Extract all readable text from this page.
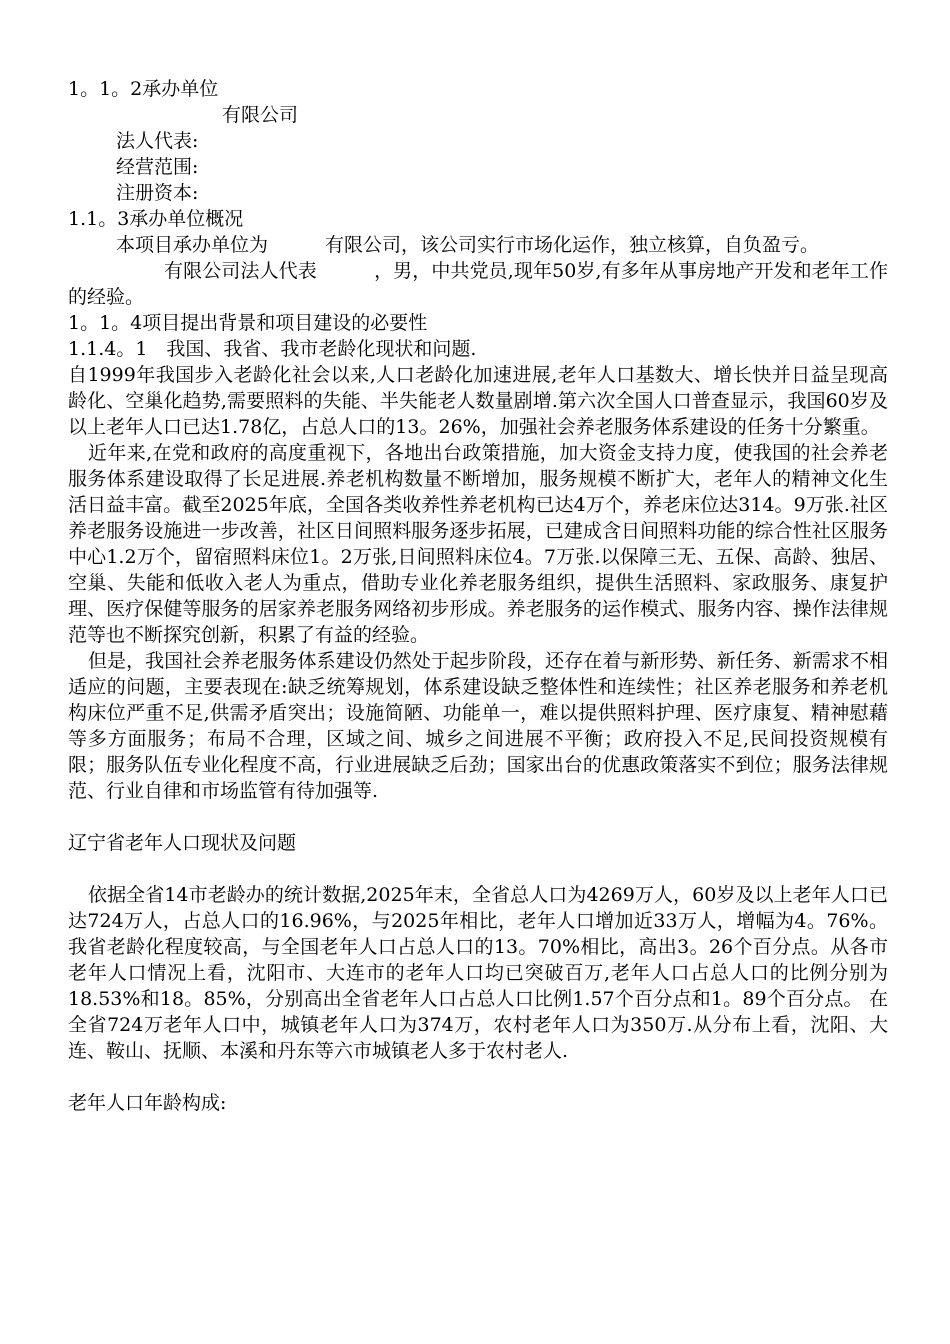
1。1。2承办单位
有限公司
法人代表:
经营范围:
注册资本:
1.1。3承办单位概况
本项目承办单位为　　　有限公司，该公司实行市场化运作，独立核算，自负盈亏。
有限公司法人代表　　　，男，中共党员,现年50岁,有多年从事房地产开发和老年工作的经验。
1。1。4项目提出背景和项目建设的必要性
1.1.4。1　我国、我省、我市老龄化现状和问题.
自1999年我国步入老龄化社会以来,人口老龄化加速进展,老年人口基数大、增长快并日益呈现高龄化、空巢化趋势,需要照料的失能、半失能老人数量剧增.第六次全国人口普查显示，我国60岁及以上老年人口已达1.78亿，占总人口的13。26%，加强社会养老服务体系建设的任务十分繁重。
近年来,在党和政府的高度重视下，各地出台政策措施，加大资金支持力度，使我国的社会养老服务体系建设取得了长足进展.养老机构数量不断增加，服务规模不断扩大，老年人的精神文化生活日益丰富。截至2025年底，全国各类收养性养老机构已达4万个，养老床位达314。9万张.社区养老服务设施进一步改善，社区日间照料服务逐步拓展，已建成含日间照料功能的综合性社区服务中心1.2万个，留宿照料床位1。2万张,日间照料床位4。7万张.以保障三无、五保、高龄、独居、空巢、失能和低收入老人为重点，借助专业化养老服务组织，提供生活照料、家政服务、康复护理、医疗保健等服务的居家养老服务网络初步形成。养老服务的运作模式、服务内容、操作法律规范等也不断探究创新，积累了有益的经验。
但是，我国社会养老服务体系建设仍然处于起步阶段，还存在着与新形势、新任务、新需求不相适应的问题，主要表现在:缺乏统筹规划，体系建设缺乏整体性和连续性；社区养老服务和养老机构床位严重不足,供需矛盾突出；设施简陋、功能单一，难以提供照料护理、医疗康复、精神慰藉等多方面服务；布局不合理，区域之间、城乡之间进展不平衡；政府投入不足,民间投资规模有限；服务队伍专业化程度不高，行业进展缺乏后劲；国家出台的优惠政策落实不到位；服务法律规范、行业自律和市场监管有待加强等.
辽宁省老年人口现状及问题
依据全省14市老龄办的统计数据,2025年末，全省总人口为4269万人，60岁及以上老年人口已达724万人，占总人口的16.96%，与2025年相比，老年人口增加近33万人，增幅为4。76%。我省老龄化程度较高，与全国老年人口占总人口的13。70%相比，高出3。26个百分点。从各市老年人口情况上看，沈阳市、大连市的老年人口均已突破百万,老年人口占总人口的比例分别为18.53%和18。85%，分别高出全省老年人口占总人口比例1.57个百分点和1。89个百分点。 在全省724万老年人口中，城镇老年人口为374万，农村老年人口为350万.从分布上看，沈阳、大连、鞍山、抚顺、本溪和丹东等六市城镇老人多于农村老人.
老年人口年龄构成:
